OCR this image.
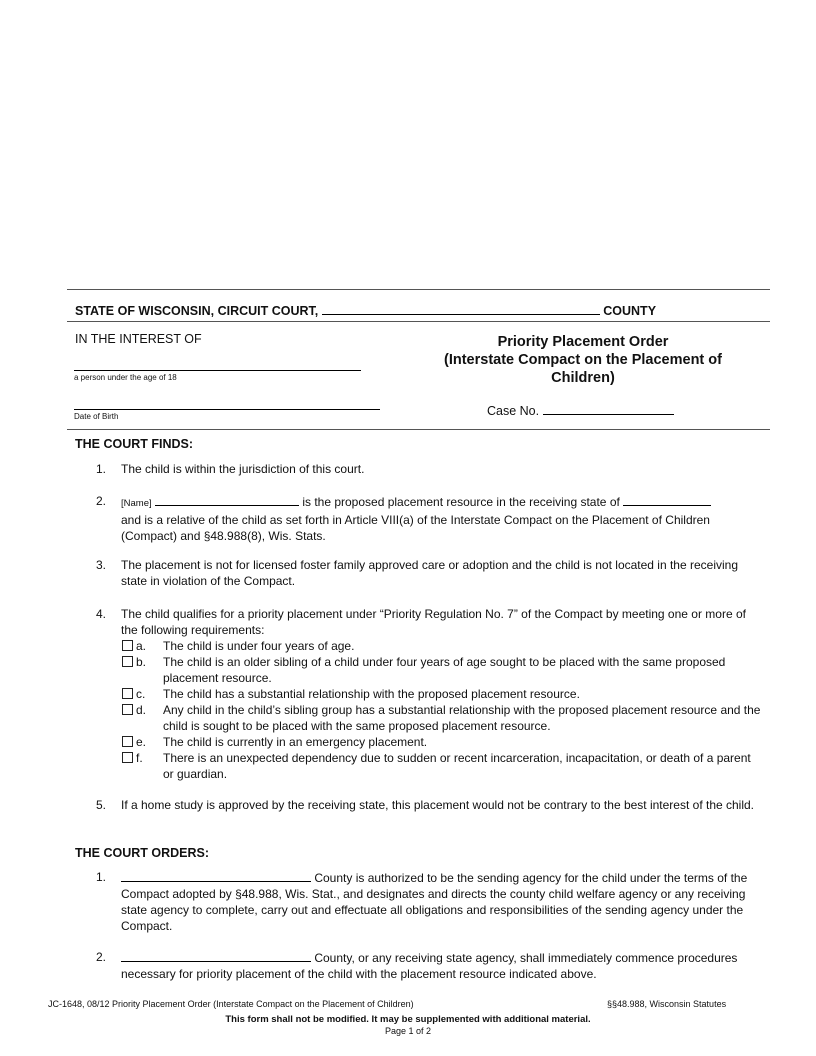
STATE OF WISCONSIN, CIRCUIT COURT,	COUNTY
IN THE INTEREST OF
a person under the age of 18
Date of Birth
Priority Placement Order
(Interstate Compact on the Placement of
Children)
Case No.
THE COURT FINDS:
1. The child is within the jurisdiction of this court.
2. [Name]	is the proposed placement resource in the receiving state of
and is a relative of the child as set forth in Article VIII(a) of the Interstate Compact on the Placement of Children (Compact) and §48.988(8), Wis. Stats.
3. The placement is not for licensed foster family approved care or adoption and the child is not located in the receiving state in violation of the Compact.
4. The child qualifies for a priority placement under “Priority Regulation No. 7” of the Compact by meeting one or more of the following requirements:
a. The child is under four years of age.
b. The child is an older sibling of a child under four years of age sought to be placed with the same proposed placement resource.
c. The child has a substantial relationship with the proposed placement resource.
d. Any child in the child’s sibling group has a substantial relationship with the proposed placement resource and the child is sought to be placed with the same proposed placement resource.
e. The child is currently in an emergency placement.
f. There is an unexpected dependency due to sudden or recent incarceration, incapacitation, or death of a parent or guardian.
5. If a home study is approved by the receiving state, this placement would not be contrary to the best interest of the child.
THE COURT ORDERS:
1.	County is authorized to be the sending agency for the child under the terms of the Compact adopted by §48.988, Wis. Stat., and designates and directs the county child welfare agency or any receiving state agency to complete, carry out and effectuate all obligations and responsibilities of the sending agency under the Compact.
2.	County, or any receiving state agency, shall immediately commence procedures necessary for priority placement of the child with the placement resource indicated above.
JC-1648, 08/12 Priority Placement Order (Interstate Compact on the Placement of Children)	§§48.988, Wisconsin Statutes
This form shall not be modified. It may be supplemented with additional material.
Page 1 of 2
